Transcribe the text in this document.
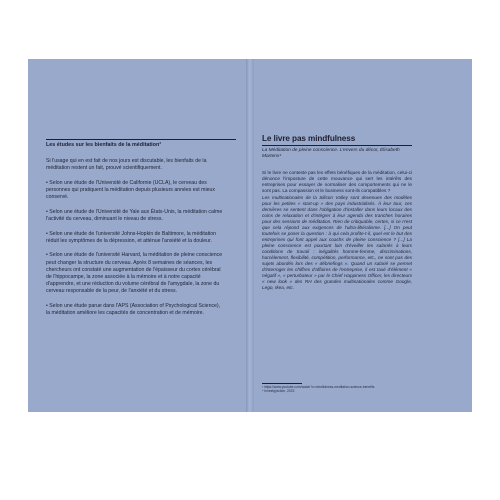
Les études sur les bienfaits de la méditation³

Si l'usage qui en est fait de nos jours est discutable, les bienfaits de la méditation restent un fait, prouvé scientifiquement.

• Selon une étude de l'Université de Californie (UCLA), le cerveau des personnes qui pratiquent la méditation depuis plusieurs années est mieux conservé.

• Selon une étude de l'Université de Yale aux États-Unis, la méditation calme l'activité du cerveau, diminuant le niveau de stress.

• Selon une étude de l'université Johns-Hopkin de Baltimore, la méditation réduit les symptômes de la dépression, et atténue l'anxiété et la douleur.

• Selon une étude de l'université Harvard, la méditation de pleine conscience peut changer la structure du cerveau. Après 8 semaines de séances, les chercheurs ont constaté une augmentation de l'épaisseur du cortex cérébral de l'hippocampe, la zone associée à la mémoire et à notre capacité d'apprendre, et une réduction du volume cérébral de l'amygdale, la zone du cerveau responsable de la peur, de l'anxiété et du stress.

• Selon une étude parue dans l'APS (Association of Psychological Science), la méditation améliore les capacités de concentration et de mémoire.

Le livre pas mindfulness
La Méditation de pleine conscience. L'envers du décor, Élisabeth Martens⁴

Si le livre ne conteste pas les effets bénéfiques de la méditation, celui-ci dénonce l'imposture de cette mouvance qui sert les intérêts des entreprises pour essayer de normaliser des comportements qui ne le sont pas. La compassion et le business sont-ils compatibles ?

Les multinationales de la Silicon Valley sont devenues des modèles pour les petites « start-up » des pays industrialisés. À leur tour, ces dernières se sentent dans l'obligation d'installer dans leurs locaux des coins de relaxation et d'intégrer à leur agenda des tranches horaires pour des sessions de méditation. Rien de critiquable, certes, si ce n'est que cela répond aux exigences de l'ultra-libéralisme. [...] On peut toutefois se poser la question : à qui cela profite-t-il, quel est le but des entreprises qui font appel aux coachs de pleine conscience ? [...] La pleine conscience est pourtant loin d'éveiller les salariés à leurs conditions de travail : inégalités homme-femme, discriminations, harcèlement, flexibilité, compétition, performance, etc., ne sont pas des sujets abordés lors des « débriefings ». Quand un salarié se permet d'interroger les chiffres d'affaires de l'entreprise, il est taxé d'élément « négatif », « perturbateur » par le Chief Happiness Officer, les directeurs « new look » des RH des grandes multinationales comme Google, Lego, Ikea, etc.

³ https://www.youtube.com/watch?v=mindfulness-meditation-science-benefits
⁴ Investig'action, 2023
